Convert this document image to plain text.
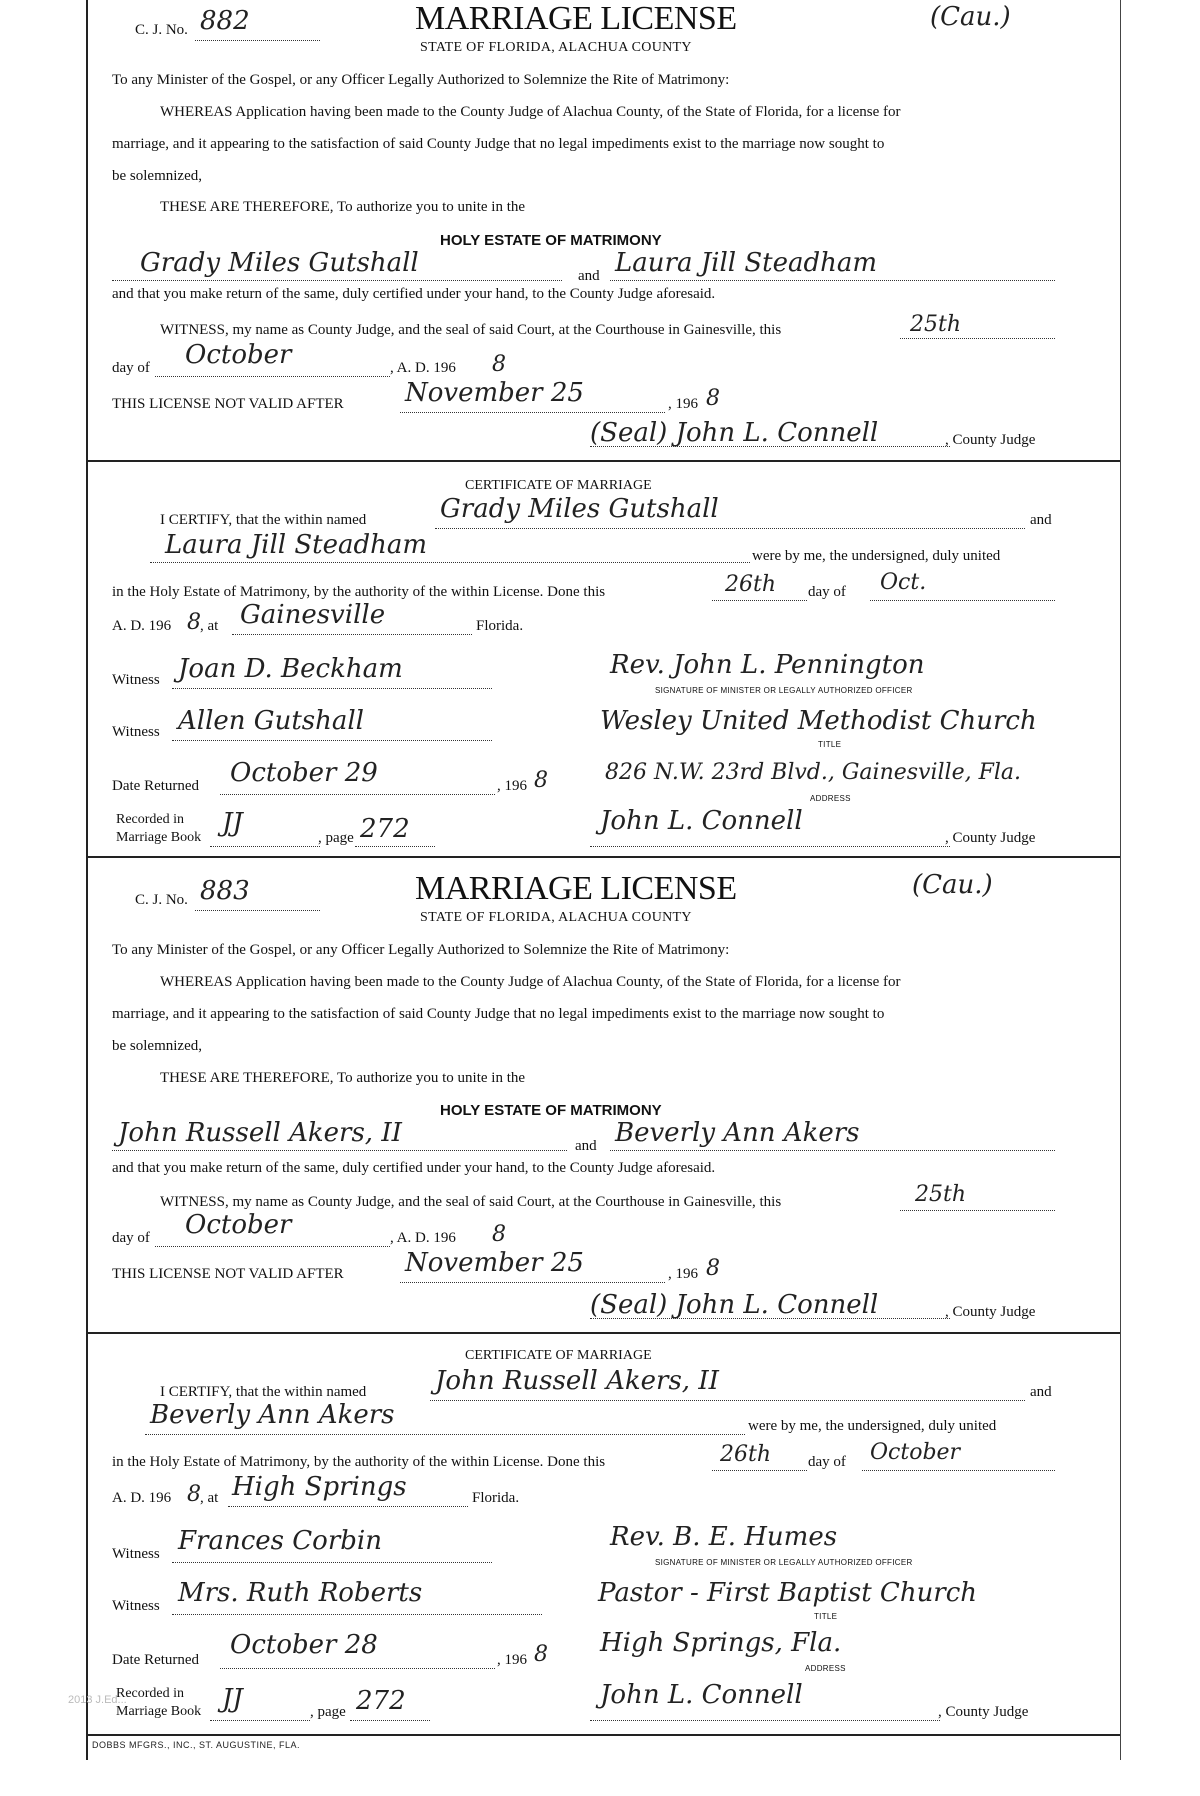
C. J. No. 882	MARRIAGE LICENSE	(Cau.)
STATE OF FLORIDA, ALACHUA COUNTY
To any Minister of the Gospel, or any Officer Legally Authorized to Solemnize the Rite of Matrimony:
WHEREAS Application having been made to the County Judge of Alachua County, of the State of Florida, for a license for
marriage, and it appearing to the satisfaction of said County Judge that no legal impediments exist to the marriage now sought to
be solemnized,
THESE ARE THEREFORE, To authorize you to unite in the
HOLY ESTATE OF MATRIMONY
Grady Miles Gutshall	and Laura Jill Steadham
and that you make return of the same, duly certified under your hand, to the County Judge aforesaid.
WITNESS, my name as County Judge, and the seal of said Court, at the Courthouse in Gainesville, this	25th
day of October	, A. D. 196 8
THIS LICENSE NOT VALID AFTER November 25	, 196 8
(Seal) John L. Connell	, County Judge
CERTIFICATE OF MARRIAGE
I CERTIFY, that the within named	Grady Miles Gutshall	and
Laura Jill Steadham	were by me, the undersigned, duly united
in the Holy Estate of Matrimony, by the authority of the within License. Done this	26th day of Oct.
A. D. 196 8 , at Gainesville	Florida.
Witness Joan D. Beckham	Rev. John L. Pennington
SIGNATURE OF MINISTER OR LEGALLY AUTHORIZED OFFICER
Witness Allen Gutshall	Wesley United Methodist Church
TITLE
Date Returned October 29	, 196 8	826 N.W. 23rd Blvd., Gainesville, Fla.
ADDRESS
Recorded in
Marriage Book JJ	, page 272	John L. Connell
, County Judge
C. J. No. 883	MARRIAGE LICENSE	(Cau.)
STATE OF FLORIDA, ALACHUA COUNTY
To any Minister of the Gospel, or any Officer Legally Authorized to Solemnize the Rite of Matrimony:
WHEREAS Application having been made to the County Judge of Alachua County, of the State of Florida, for a license for
marriage, and it appearing to the satisfaction of said County Judge that no legal impediments exist to the marriage now sought to
be solemnized,
THESE ARE THEREFORE, To authorize you to unite in the
HOLY ESTATE OF MATRIMONY
John Russell Akers, II	and Beverly Ann Akers
and that you make return of the same, duly certified under your hand, to the County Judge aforesaid.
WITNESS, my name as County Judge, and the seal of said Court, at the Courthouse in Gainesville, this	25th
day of October	, A. D. 196 8
THIS LICENSE NOT VALID AFTER November 25	, 196 8
(Seal) John L. Connell	, County Judge
CERTIFICATE OF MARRIAGE
I CERTIFY, that the within named	John Russell Akers, II	and
Beverly Ann Akers	were by me, the undersigned, duly united
in the Holy Estate of Matrimony, by the authority of the within License. Done this	26th day of October
A. D. 196 8 , at High Springs	Florida.
Witness Frances Corbin	Rev. B. E. Humes
SIGNATURE OF MINISTER OR LEGALLY AUTHORIZED OFFICER
Witness Mrs. Ruth Roberts	Pastor - First Baptist Church
TITLE
Date Returned October 28	, 196 8 High Springs, Fla.
ADDRESS
Recorded in
Marriage Book JJ	, page 272	John L. Connell
, County Judge
DOBBS MFGRS., INC., ST. AUGUSTINE, FLA.
2013 J.Ed...
